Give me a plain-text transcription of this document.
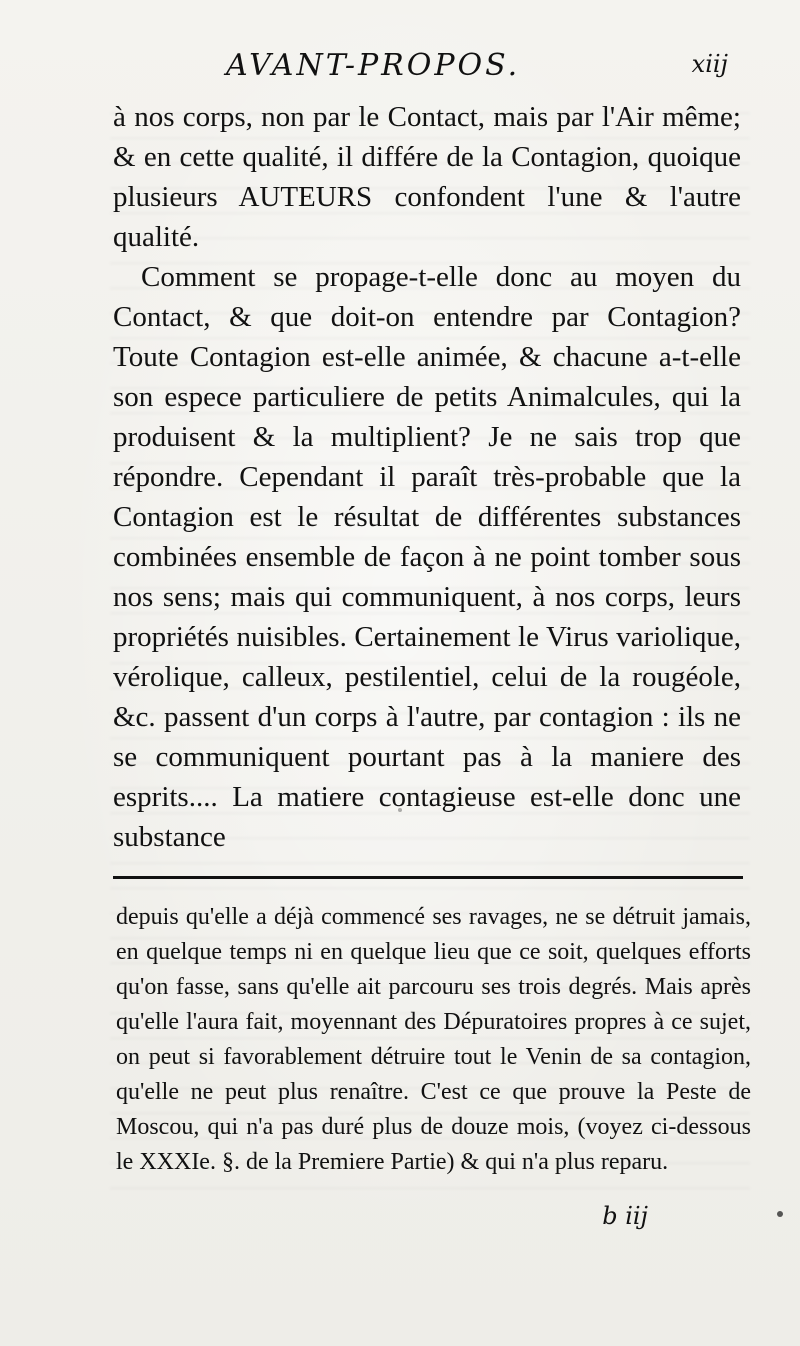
AVANT-PROPOS.	xiij

à nos corps, non par le Contact, mais par l'Air même; & en cette qualité, il différe de la Contagion, quoique plusieurs AUTEURS confondent l'une & l'autre qualité.

Comment se propage-t-elle donc au moyen du Contact, & que doit-on entendre par Contagion? Toute Contagion est-elle animée, & chacune a-t-elle son espece particuliere de petits Animalcules, qui la produisent & la multiplient? Je ne sais trop que répondre. Cependant il paraît très-probable que la Contagion est le résultat de différentes substances combinées ensemble de façon à ne point tomber sous nos sens; mais qui communiquent, à nos corps, leurs propriétés nuisibles. Certainement le Virus variolique, vérolique, calleux, pestilentiel, celui de la rougéole, &c. passent d'un corps à l'autre, par contagion : ils ne se communiquent pourtant pas à la maniere des esprits.... La matiere contagieuse est-elle donc une substance

depuis qu'elle a déjà commencé ses ravages, ne se détruit jamais, en quelque temps ni en quelque lieu que ce soit, quelques efforts qu'on fasse, sans qu'elle ait parcouru ses trois degrés. Mais après qu'elle l'aura fait, moyennant des Dépuratoires propres à ce sujet, on peut si favorablement détruire tout le Venin de sa contagion, qu'elle ne peut plus renaître. C'est ce que prouve la Peste de Moscou, qui n'a pas duré plus de douze mois, (voyez ci-dessous le XXXIe. §. de la Premiere Partie) & qui n'a plus reparu.

b iij
